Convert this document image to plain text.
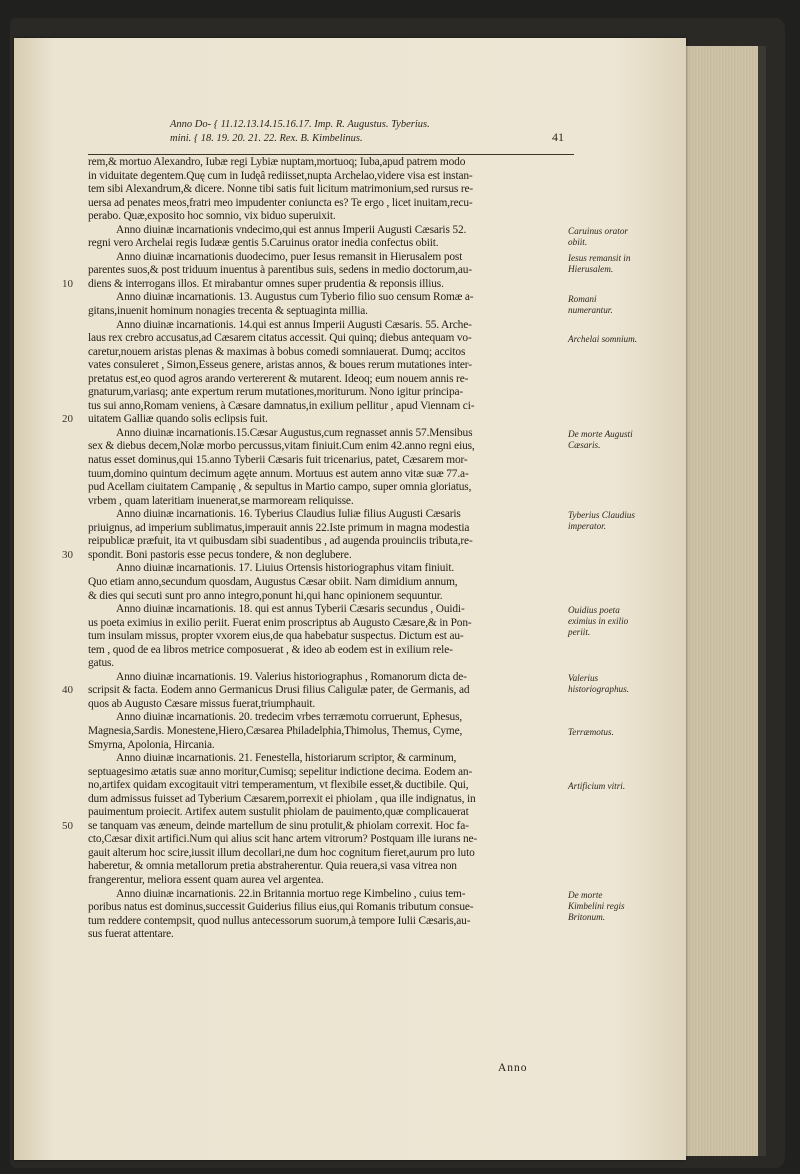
Anno Do- { 11.12.13.14.15.16.17. Imp. R. Augustus. Tyberius.
mini. { 18. 19. 20. 21. 22. Rex. B. Kimbelinus.	41
rem,& mortuo Alexandro, Iubæ regi Lybiæ nuptam,mortuoq; Iuba,apud patrem modo
in viduitate degentem.Quę cum in Iudęâ rediisset,nupta Archelao,videre visa est instan-
tem sibi Alexandrum,& dicere. Nonne tibi satis fuit licitum matrimonium,sed rursus re-
uersa ad penates meos,fratri meo impudenter coniuncta es? Te ergo , licet inuitam,recu-
perabo. Quæ,exposito hoc somnio, vix biduo superuixit.
Anno diuinæ incarnationis vndecimo,qui est annus Imperii Augusti Cæsaris 52.
regni vero Archelai regis Iudææ gentis 5.Caruinus orator inedia confectus obiit.
Anno diuinæ incarnationis duodecimo, puer Iesus remansit in Hierusalem post
parentes suos,& post triduum inuentus à parentibus suis, sedens in medio doctorum,au-
diens & interrogans illos. Et mirabantur omnes super prudentia & reponsis illius.
Anno diuinæ incarnationis. 13. Augustus cum Tyberio filio suo censum Romæ a-
gitans,inuenit hominum nonagies trecenta & septuaginta millia.
Anno diuinæ incarnationis. 14.qui est annus Imperii Augusti Cæsaris. 55. Arche-
laus rex crebro accusatus,ad Cæsarem citatus accessit. Qui quinq; diebus antequam vo-
caretur,nouem aristas plenas & maximas à bobus comedi somniauerat. Dumq; accitos
vates consuleret , Simon,Esseus genere, aristas annos, & boues rerum mutationes inter-
pretatus est,eo quod agros arando vertererent & mutarent. Ideoq; eum nouem annis re-
gnaturum,variasq; ante expertum rerum mutationes,moriturum. Nono igitur principa-
tus sui anno,Romam veniens, à Cæsare damnatus,in exilium pellitur , apud Viennam ci-
uitatem Galliæ quando solis eclipsis fuit.
Anno diuinæ incarnationis.15.Cæsar Augustus,cum regnasset annis 57.Mensibus
sex & diebus decem,Nolæ morbo percussus,vitam finiuit.Cum enim 42.anno regni eius,
natus esset dominus,qui 15.anno Tyberii Cæsaris fuit tricenarius, patet, Cæsarem mor-
tuum,domino quintum decimum agęte annum. Mortuus est autem anno vitæ suæ 77.a-
pud Acellam ciuitatem Campanię , & sepultus in Martio campo, super omnia gloriatus,
vrbem , quam lateritiam inuenerat,se marmoream reliquisse.
Anno diuinæ incarnationis. 16. Tyberius Claudius Iuliæ filius Augusti Cæsaris
priuignus, ad imperium sublimatus,imperauit annis 22.Iste primum in magna modestia
reipublicæ præfuit, ita vt quibusdam sibi suadentibus , ad augenda prouinciis tributa,re-
spondit. Boni pastoris esse pecus tondere, & non deglubere.
Anno diuinæ incarnationis. 17. Liuius Ortensis historiographus vitam finiuit.
Quo etiam anno,secundum quosdam, Augustus Cæsar obiit. Nam dimidium annum,
& dies qui secuti sunt pro anno integro,ponunt hi,qui hanc opinionem sequuntur.
Anno diuinæ incarnationis. 18. qui est annus Tyberii Cæsaris secundus , Ouidi-
us poeta eximius in exilio periit. Fuerat enim proscriptus ab Augusto Cæsare,& in Pon-
tum insulam missus, propter vxorem eius,de qua habebatur suspectus. Dictum est au-
tem , quod de ea libros metrice composuerat , & ideo ab eodem est in exilium rele-
gatus.
Anno diuinæ incarnationis. 19. Valerius historiographus , Romanorum dicta de-
scripsit & facta. Eodem anno Germanicus Drusi filius Caligulæ pater, de Germanis, ad
quos ab Augusto Cæsare missus fuerat,triumphauit.
Anno diuinæ incarnationis. 20. tredecim vrbes terræmotu corruerunt, Ephesus,
Magnesia,Sardis. Monestene,Hiero,Cæsarea Philadelphia,Thimolus, Themus, Cyme,
Smyrna, Apolonia, Hircania.
Anno diuinæ incarnationis. 21. Fenestella, historiarum scriptor, & carminum,
septuagesimo ætatis suæ anno moritur,Cumisq; sepelitur indictione decima. Eodem an-
no,artifex quidam excogitauit vitri temperamentum, vt flexibile esset,& ductibile. Qui,
dum admissus fuisset ad Tyberium Cæsarem,porrexit ei phiolam , qua ille indignatus, in
pauimentum proiecit. Artifex autem sustulit phiolam de pauimento,quæ complicauerat
se tanquam vas æneum, deinde martellum de sinu protulit,& phiolam correxit. Hoc fa-
cto,Cæsar dixit artifici.Num qui alius scit hanc artem vitrorum? Postquam ille iurans ne-
gauit alterum hoc scire,iussit illum decollari,ne dum hoc cognitum fieret,aurum pro luto
haberetur, & omnia metallorum pretia abstraherentur. Quia reuera,si vasa vitrea non
frangerentur, meliora essent quam aurea vel argentea.
Anno diuinæ incarnationis. 22.in Britannia mortuo rege Kimbelino , cuius tem-
poribus natus est dominus,successit Guiderius filius eius,qui Romanis tributum consue-
tum reddere contempsit, quod nullus antecessorum suorum,à tempore Iulii Cæsaris,au-
sus fuerat attentare.
10
20
30
40
50
Caruinus orator obiit.
Iesus remansit in Hierusalem.
Romani numerantur.
Archelai somnium.
De morte Augusti Cæsaris.
Tyberius Claudius imperator.
Ouidius poeta eximius in exilio periit.
Valerius historiographus.
Terræmotus.
Artificium vitri.
De morte Kimbelini regis Britonum.
Anno
